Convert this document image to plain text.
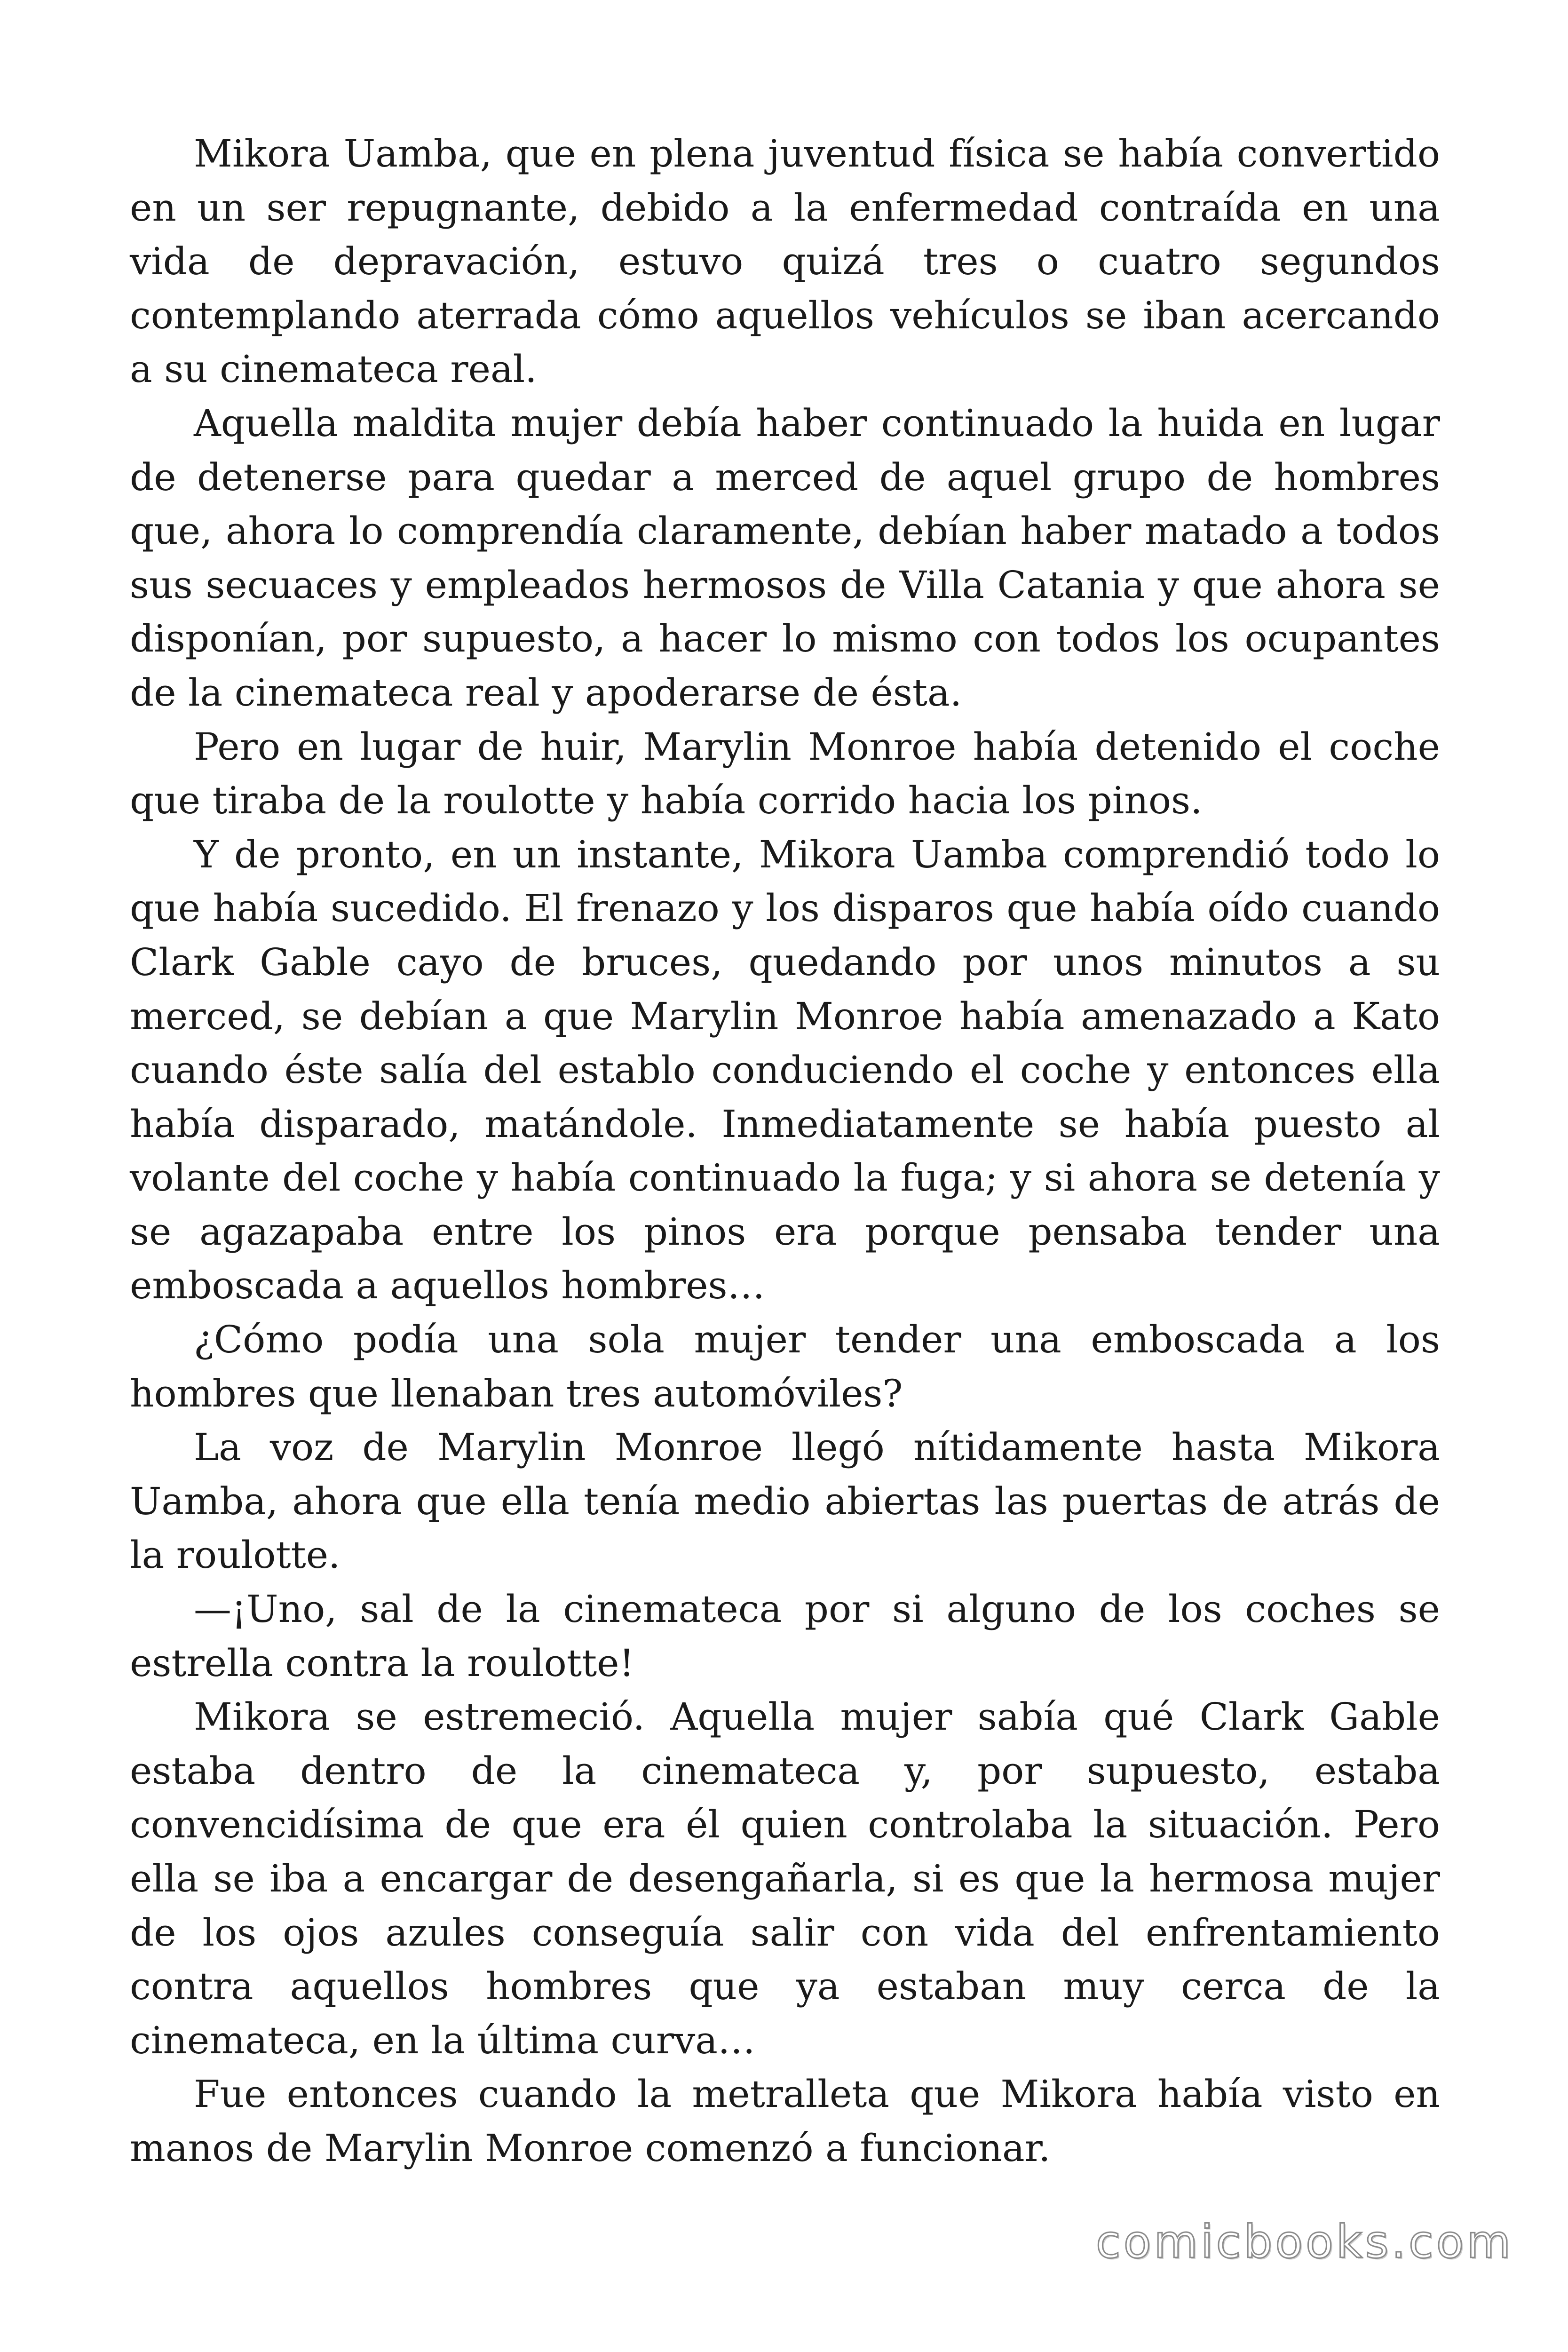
Mikora Uamba, que en plena juventud física se había convertido en un ser repugnante, debido a la enfermedad contraída en una vida de depravación, estuvo quizá tres o cuatro segundos contemplando aterrada cómo aquellos vehículos se iban acercando a su cinemateca real.

Aquella maldita mujer debía haber continuado la huida en lugar de detenerse para quedar a merced de aquel grupo de hombres que, ahora lo comprendía claramente, debían haber matado a todos sus secuaces y empleados hermosos de Villa Catania y que ahora se disponían, por supuesto, a hacer lo mismo con todos los ocupantes de la cinemateca real y apoderarse de ésta.

Pero en lugar de huir, Marylin Monroe había detenido el coche que tiraba de la roulotte y había corrido hacia los pinos.

Y de pronto, en un instante, Mikora Uamba comprendió todo lo que había sucedido. El frenazo y los disparos que había oído cuando Clark Gable cayo de bruces, quedando por unos minutos a su merced, se debían a que Marylin Monroe había amenazado a Kato cuando éste salía del establo conduciendo el coche y entonces ella había disparado, matándole. Inmediatamente se había puesto al volante del coche y había continuado la fuga; y si ahora se detenía y se agazapaba entre los pinos era porque pensaba tender una emboscada a aquellos hombres…

¿Cómo podía una sola mujer tender una emboscada a los hombres que llenaban tres automóviles?

La voz de Marylin Monroe llegó nítidamente hasta Mikora Uamba, ahora que ella tenía medio abiertas las puertas de atrás de la roulotte.

—¡Uno, sal de la cinemateca por si alguno de los coches se estrella contra la roulotte!

Mikora se estremeció. Aquella mujer sabía qué Clark Gable estaba dentro de la cinemateca y, por supuesto, estaba convencidísima de que era él quien controlaba la situación. Pero ella se iba a encargar de desengañarla, si es que la hermosa mujer de los ojos azules conseguía salir con vida del enfrentamiento contra aquellos hombres que ya estaban muy cerca de la cinemateca, en la última curva…

Fue entonces cuando la metralleta que Mikora había visto en manos de Marylin Monroe comenzó a funcionar.

comicbooks.com
